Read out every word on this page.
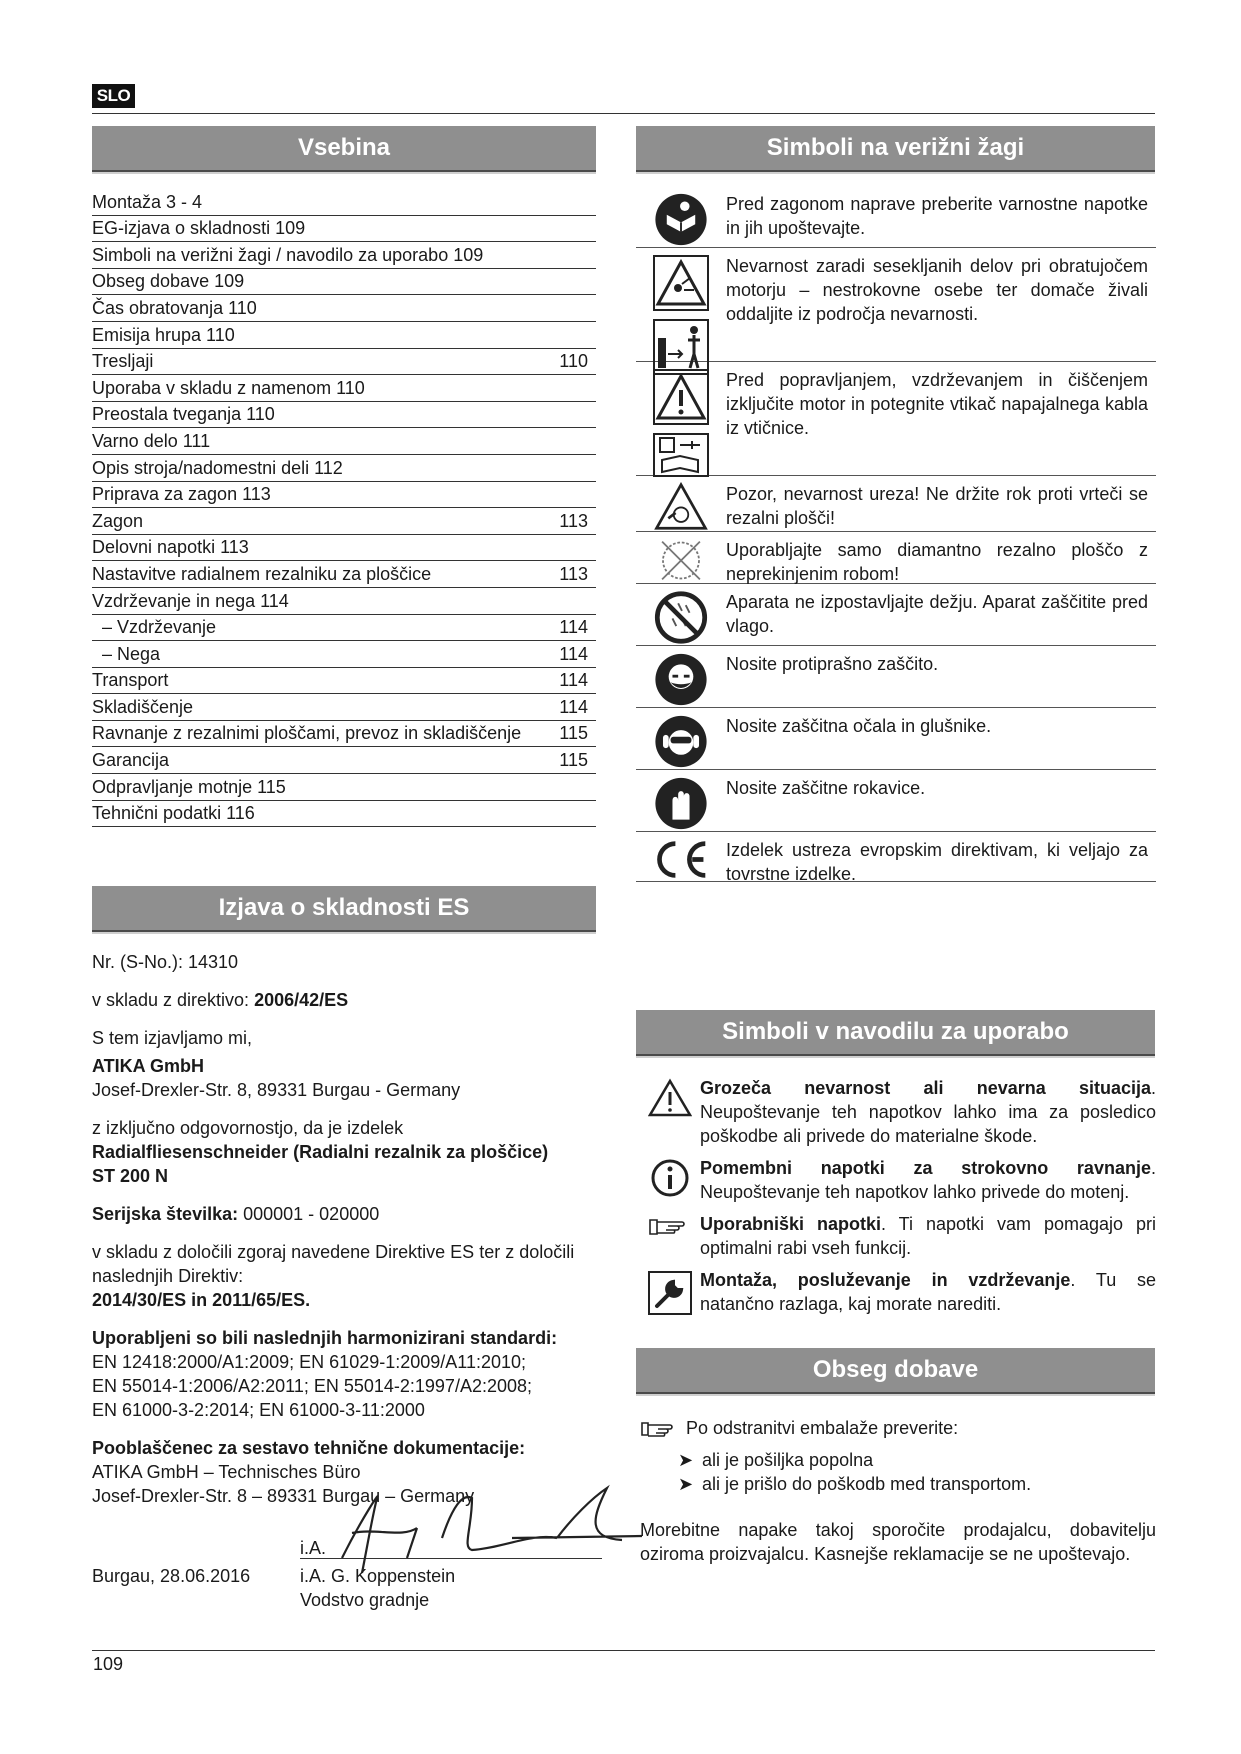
SLO
Vsebina
Montaža 3 - 4
EG-izjava o skladnosti 109
Simboli na verižni žagi / navodilo za uporabo 109
Obseg dobave 109
Čas obratovanja 110
Emisija hrupa 110
Tresljaji	110
Uporaba v skladu z namenom 110
Preostala tveganja 110
Varno delo 111
Opis stroja/nadomestni deli 112
Priprava za zagon 113
Zagon	113
Delovni napotki 113
Nastavitve radialnem rezalniku za ploščice	113
Vzdrževanje in nega 114
– Vzdrževanje	114
– Nega	114
Transport	114
Skladiščenje	114
Ravnanje z rezalnimi ploščami, prevoz in skladiščenje 115
Garancija	115
Odpravljanje motnje 115
Tehnični podatki 116
Simboli na verižni žagi
Pred zagonom naprave preberite varnostne napotke in jih upoštevajte.
Nevarnost zaradi sesekljanih delov pri obratujočem motorju – nestrokovne osebe ter domače živali oddaljite iz področja nevarnosti.
Pred popravljanjem, vzdrževanjem in čiščenjem izključite motor in potegnite vtikač napajalnega kabla iz vtičnice.
Pozor, nevarnost ureza! Ne držite rok proti vrteči se rezalni plošči!
Uporabljajte samo diamantno rezalno ploščo z neprekinjenim robom!
Aparata ne izpostavljajte dežju. Aparat zaščitite pred vlago.
Nosite protiprašno zaščito.
Nosite zaščitna očala in glušnike.
Nosite zaščitne rokavice.
Izdelek ustreza evropskim direktivam, ki veljajo za tovrstne izdelke.
Izjava o skladnosti ES

Nr. (S-No.): 14310

v skladu z direktivo: 2006/42/ES

S tem izjavljamo mi,

ATIKA GmbH

Josef-Drexler-Str. 8, 89331 Burgau - Germany

z izključno odgovornostjo, da je izdelek
Radialfliesenschneider (Radialni rezalnik za ploščice)

ST 200 N

Serijska številka: 000001 - 020000

v skladu z določili zgoraj navedene Direktive ES ter z določili naslednjih Direktiv:

2014/30/ES in 2011/65/ES.

Uporabljeni so bili naslednjih harmonizirani standardi:
EN 12418:2000/A1:2009; EN 61029-1:2009/A11:2010;
EN 55014-1:2006/A2:2011; EN 55014-2:1997/A2:2008;

EN 61000-3-2:2014; EN 61000-3-11:2000

Pooblaščenec za sestavo tehnične dokumentacije:
ATIKA GmbH – Technisches Büro
Josef-Drexler-Str. 8 – 89331 Burgau – Germany
i.A.
Burgau, 28.06.2016	i.A. G. Koppenstein
Vodstvo gradnje
Simboli v navodilu za uporabo
Grozeča nevarnost ali nevarna situacija. Neupoštevanje teh napotkov lahko ima za posledico poškodbe ali privede do materialne škode.
Pomembni napotki za strokovno ravnanje. Neupoštevanje teh napotkov lahko privede do motenj.
Uporabniški napotki. Ti napotki vam pomagajo pri optimalni rabi vseh funkcij.
Montaža, posluževanje in vzdrževanje. Tu se natančno razlaga, kaj morate narediti.
Obseg dobave
Po odstranitvi embalaže preverite:
➤ ali je pošiljka popolna
➤ ali je prišlo do poškodb med transportom.
Morebitne napake takoj sporočite prodajalcu, dobavitelju oziroma proizvajalcu. Kasnejše reklamacije se ne upoštevajo.
109
